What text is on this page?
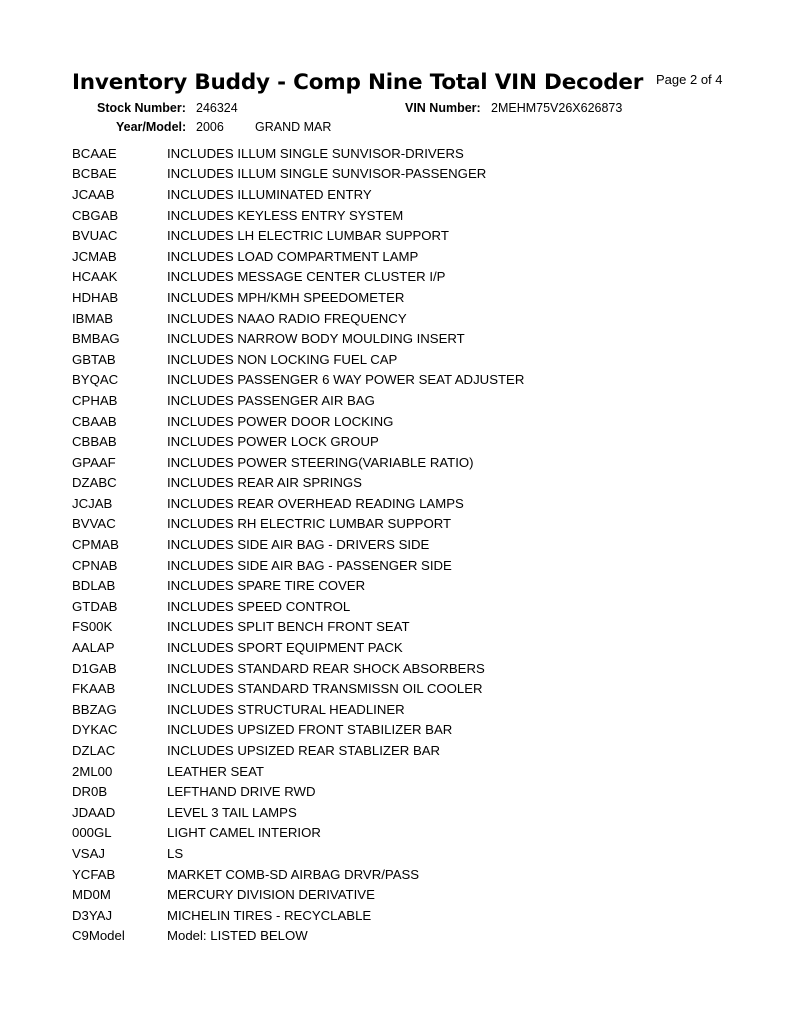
Inventory Buddy - Comp Nine Total VIN Decoder Page 2 of 4
Stock Number: 246324	VIN Number: 2MEHM75V26X626873
Year/Model: 2006 GRAND MAR
BCAAE	INCLUDES ILLUM SINGLE SUNVISOR-DRIVERS
BCBAE	INCLUDES ILLUM SINGLE SUNVISOR-PASSENGER
JCAAB	INCLUDES ILLUMINATED ENTRY
CBGAB	INCLUDES KEYLESS ENTRY SYSTEM
BVUAC	INCLUDES LH ELECTRIC LUMBAR SUPPORT
JCMAB	INCLUDES LOAD COMPARTMENT LAMP
HCAAK	INCLUDES MESSAGE CENTER CLUSTER I/P
HDHAB	INCLUDES MPH/KMH SPEEDOMETER
IBMAB	INCLUDES NAAO RADIO FREQUENCY
BMBAG	INCLUDES NARROW BODY MOULDING INSERT
GBTAB	INCLUDES NON LOCKING FUEL CAP
BYQAC	INCLUDES PASSENGER 6 WAY POWER SEAT ADJUSTER
CPHAB	INCLUDES PASSENGER AIR BAG
CBAAB	INCLUDES POWER DOOR LOCKING
CBBAB	INCLUDES POWER LOCK GROUP
GPAAF	INCLUDES POWER STEERING(VARIABLE RATIO)
DZABC	INCLUDES REAR AIR SPRINGS
JCJAB	INCLUDES REAR OVERHEAD READING LAMPS
BVVAC	INCLUDES RH ELECTRIC LUMBAR SUPPORT
CPMAB	INCLUDES SIDE AIR BAG - DRIVERS SIDE
CPNAB	INCLUDES SIDE AIR BAG - PASSENGER SIDE
BDLAB	INCLUDES SPARE TIRE COVER
GTDAB	INCLUDES SPEED CONTROL
FS00K	INCLUDES SPLIT BENCH FRONT SEAT
AALAP	INCLUDES SPORT EQUIPMENT PACK
D1GAB	INCLUDES STANDARD REAR SHOCK ABSORBERS
FKAAB	INCLUDES STANDARD TRANSMISSN OIL COOLER
BBZAG	INCLUDES STRUCTURAL HEADLINER
DYKAC	INCLUDES UPSIZED FRONT STABILIZER BAR
DZLAC	INCLUDES UPSIZED REAR STABLIZER BAR
2ML00	LEATHER SEAT
DR0B	LEFTHAND DRIVE RWD
JDAAD	LEVEL 3 TAIL LAMPS
000GL	LIGHT CAMEL INTERIOR
VSAJ	LS
YCFAB	MARKET COMB-SD AIRBAG DRVR/PASS
MD0M	MERCURY DIVISION DERIVATIVE
D3YAJ	MICHELIN TIRES - RECYCLABLE
C9Model	Model: LISTED BELOW
